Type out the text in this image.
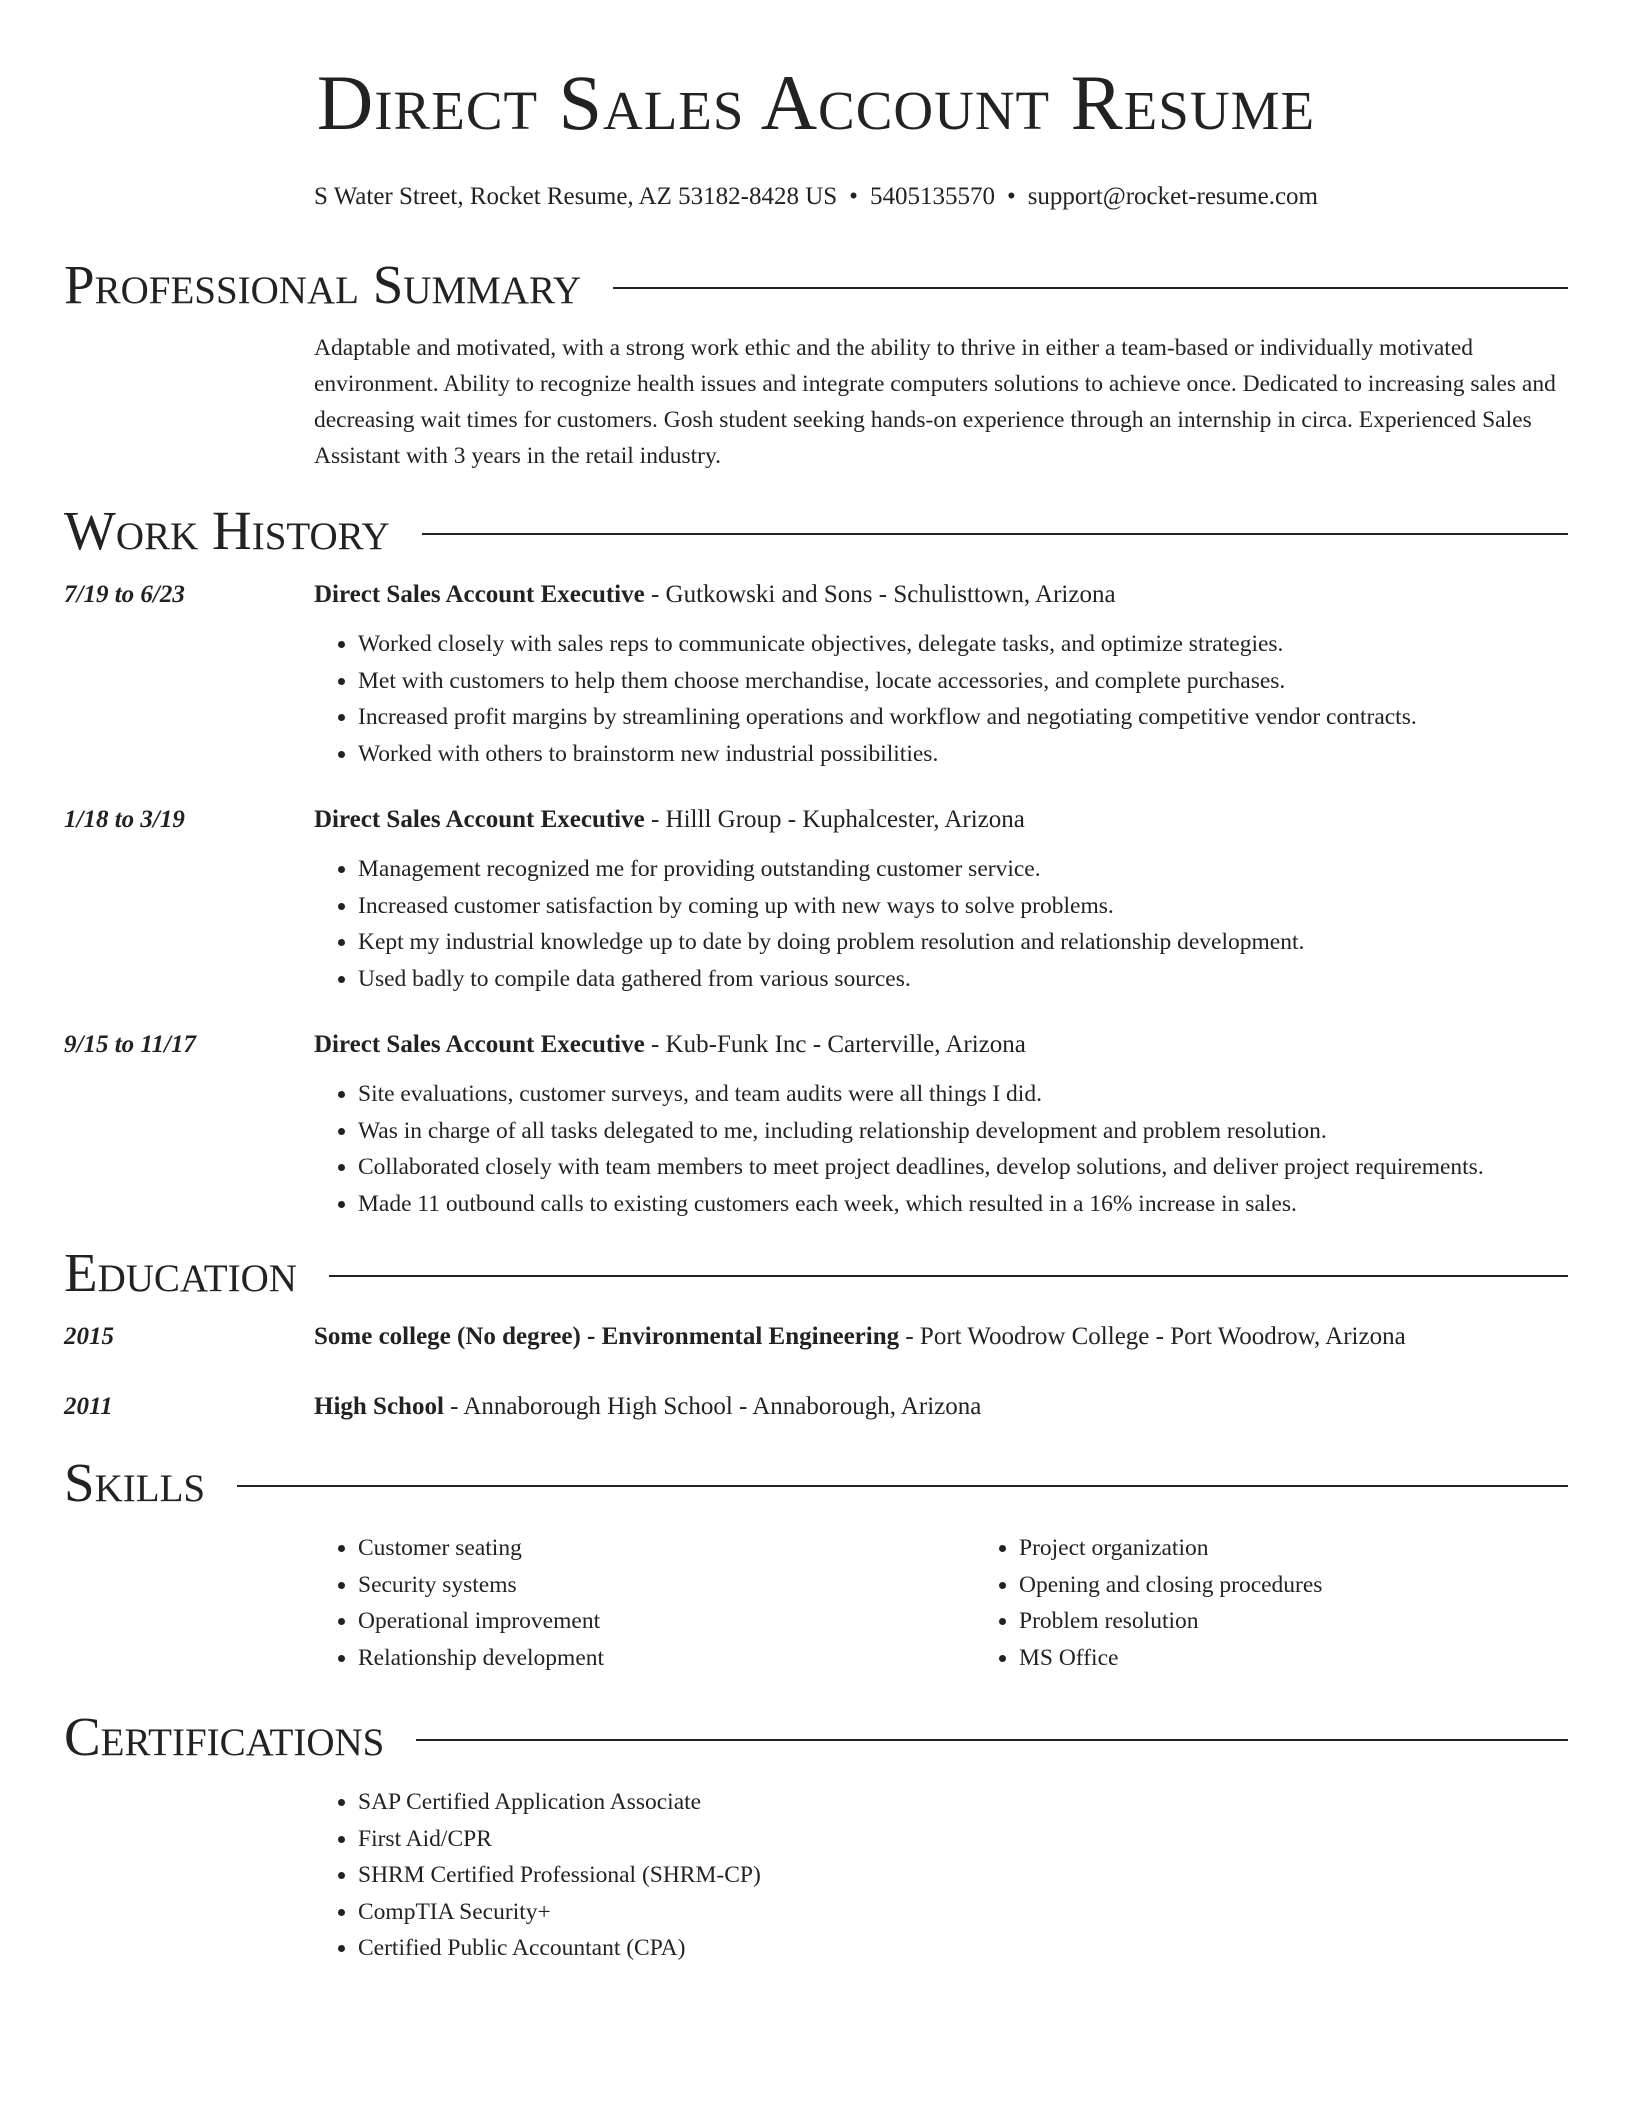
Direct Sales Account Resume
S Water Street, Rocket Resume, AZ 53182-8428 US • 5405135570 • support@rocket-resume.com
Professional Summary

Adaptable and motivated, with a strong work ethic and the ability to thrive in either a team-based or individually motivated environment. Ability to recognize health issues and integrate computers solutions to achieve once. Dedicated to increasing sales and decreasing wait times for customers. Gosh student seeking hands-on experience through an internship in circa. Experienced Sales Assistant with 3 years in the retail industry.

Work History
7/19 to 6/23	Direct Sales Account Executive - Gutkowski and Sons - Schulisttown, Arizona
• Worked closely with sales reps to communicate objectives, delegate tasks, and optimize strategies.
• Met with customers to help them choose merchandise, locate accessories, and complete purchases.
• Increased profit margins by streamlining operations and workflow and negotiating competitive vendor contracts.
• Worked with others to brainstorm new industrial possibilities.
1/18 to 3/19	Direct Sales Account Executive - Hilll Group - Kuphalcester, Arizona
• Management recognized me for providing outstanding customer service.
• Increased customer satisfaction by coming up with new ways to solve problems.
• Kept my industrial knowledge up to date by doing problem resolution and relationship development.
• Used badly to compile data gathered from various sources.
9/15 to 11/17	Direct Sales Account Executive - Kub-Funk Inc - Carterville, Arizona
• Site evaluations, customer surveys, and team audits were all things I did.
• Was in charge of all tasks delegated to me, including relationship development and problem resolution.
• Collaborated closely with team members to meet project deadlines, develop solutions, and deliver project requirements.
• Made 11 outbound calls to existing customers each week, which resulted in a 16% increase in sales.
Education
2015	Some college (No degree) - Environmental Engineering - Port Woodrow College - Port Woodrow, Arizona
2011	High School - Annaborough High School - Annaborough, Arizona
Skills
• Customer seating
• Security systems
• Operational improvement
• Relationship development
• Project organization
• Opening and closing procedures
• Problem resolution
• MS Office
Certifications
• SAP Certified Application Associate
• First Aid/CPR
• SHRM Certified Professional (SHRM-CP)
• CompTIA Security+
• Certified Public Accountant (CPA)
